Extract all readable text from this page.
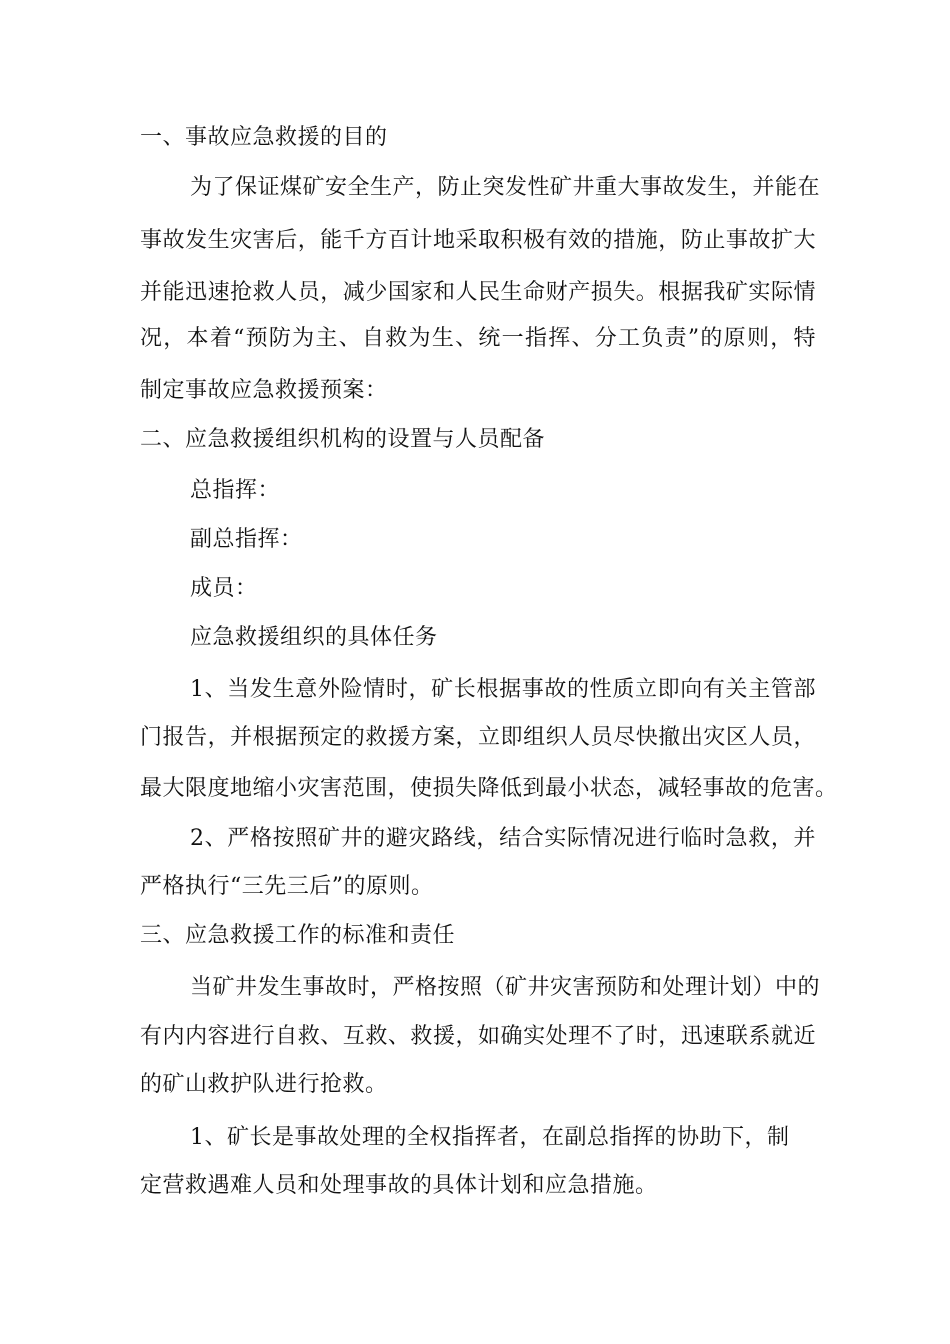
一、事故应急救援的目的
为了保证煤矿安全生产，防止突发性矿井重大事故发生，并能在
事故发生灾害后，能千方百计地采取积极有效的措施，防止事故扩大
并能迅速抢救人员，减少国家和人民生命财产损失。根据我矿实际情
况，本着“预防为主、自救为生、统一指挥、分工负责”的原则，特
制定事故应急救援预案：
二、应急救援组织机构的设置与人员配备
总指挥：
副总指挥：
成员：
应急救援组织的具体任务
1、当发生意外险情时，矿长根据事故的性质立即向有关主管部
门报告，并根据预定的救援方案，立即组织人员尽快撤出灾区人员，
最大限度地缩小灾害范围，使损失降低到最小状态，减轻事故的危害。
2、严格按照矿井的避灾路线，结合实际情况进行临时急救，并
严格执行“三先三后”的原则。
三、应急救援工作的标准和责任
当矿井发生事故时，严格按照（矿井灾害预防和处理计划）中的
有内内容进行自救、互救、救援，如确实处理不了时，迅速联系就近
的矿山救护队进行抢救。
1、矿长是事故处理的全权指挥者，在副总指挥的协助下，制
定营救遇难人员和处理事故的具体计划和应急措施。
